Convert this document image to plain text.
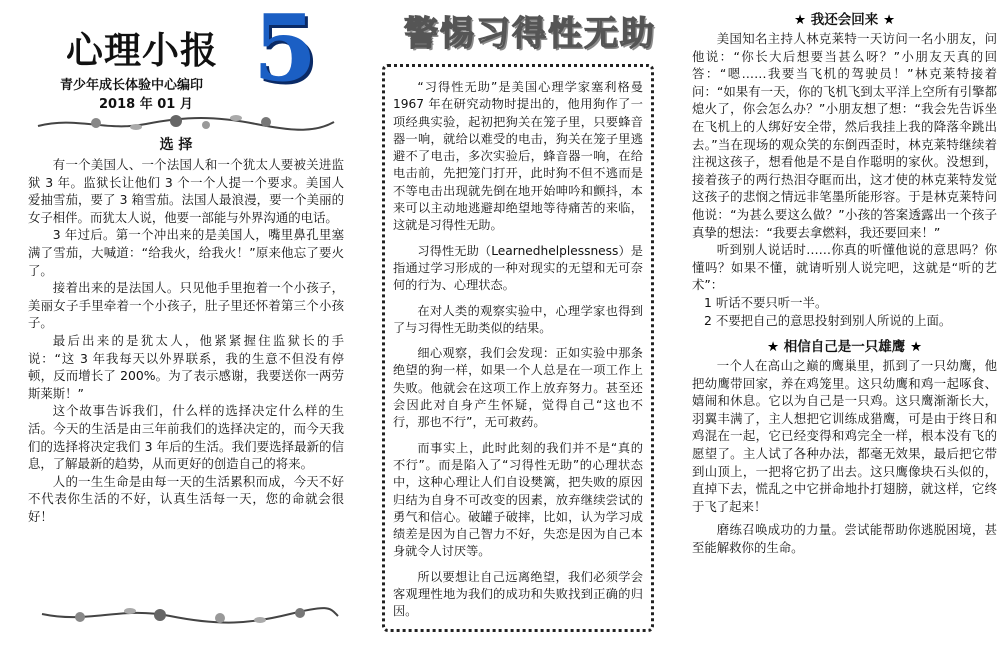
心理小报 5
青少年成长体验中心编印
2018 年 01 月
选 择

有一个美国人、一个法国人和一个犹太人要被关进监狱 3 年。监狱长让他们 3 个一个人提一个要求。美国人爱抽雪茄，要了 3 箱雪茄。法国人最浪漫，要一个美丽的女子相伴。而犹太人说，他要一部能与外界沟通的电话。

3 年过后。第一个冲出来的是美国人，嘴里鼻孔里塞满了雪茄，大喊道：“给我火，给我火！”原来他忘了要火了。

接着出来的是法国人。只见他手里抱着一个小孩子，美丽女子手里牵着一个小孩子，肚子里还怀着第三个小孩子。

最后出来的是犹太人，他紧紧握住监狱长的手说：“这 3 年我每天以外界联系，我的生意不但没有停顿，反而增长了 200%。为了表示感谢，我要送你一两劳斯莱斯！”

这个故事告诉我们，什么样的选择决定什么样的生活。今天的生活是由三年前我们的选择决定的，而今天我们的选择将决定我们 3 年后的生活。我们要选择最新的信息，了解最新的趋势，从而更好的创造自己的将来。

人的一生生命是由每一天的生活累积而成，今天不好不代表你生活的不好，认真生活每一天，您的命就会很好！

警惕习得性无助

“习得性无助”是美国心理学家塞利格曼 1967 年在研究动物时提出的，他用狗作了一项经典实验，起初把狗关在笼子里，只要蜂音器一响，就给以难受的电击，狗关在笼子里逃避不了电击，多次实验后，蜂音器一响，在给电击前，先把笼门打开，此时狗不但不逃而是不等电击出现就先倒在地开始呻吟和颤抖，本来可以主动地逃避却绝望地等待痛苦的来临，这就是习得性无助。

习得性无助（Learnedhelplessness）是指通过学习形成的一种对现实的无望和无可奈何的行为、心理状态。

在对人类的观察实验中，心理学家也得到了与习得性无助类似的结果。

细心观察，我们会发现：正如实验中那条绝望的狗一样，如果一个人总是在一项工作上失败。他就会在这项工作上放弃努力。甚至还会因此对自身产生怀疑，觉得自己“这也不行，那也不行”，无可救药。

而事实上，此时此刻的我们并不是“真的不行”。而是陷入了“习得性无助”的心理状态中，这种心理让人们自设樊篱，把失败的原因归结为自身不可改变的因素，放弃继续尝试的勇气和信心。破罐子破摔，比如，认为学习成绩差是因为自己智力不好，失恋是因为自己本身就令人讨厌等。

所以要想让自己远离绝望，我们必须学会客观理性地为我们的成功和失败找到正确的归因。

★ 我还会回来 ★

美国知名主持人林克莱特一天访问一名小朋友，问他说：“你长大后想要当甚么呀？”小朋友天真的回答：“嗯……我要当飞机的驾驶员！”林克莱特接着问：“如果有一天，你的飞机飞到太平洋上空所有引擎都熄火了，你会怎么办？”小朋友想了想：“我会先告诉坐在飞机上的人绑好安全带，然后我挂上我的降落伞跳出去。”当在现场的观众笑的东倒西歪时，林克莱特继续着注视这孩子，想看他是不是自作聪明的家伙。没想到，接着孩子的两行热泪夺眶而出，这才使的林克莱特发觉这孩子的悲悯之情远非笔墨所能形容。于是林克莱特问他说：“为甚么要这么做？”小孩的答案透露出一个孩子真挚的想法：“我要去拿燃料，我还要回来！”

听到别人说话时……你真的听懂他说的意思吗？你懂吗？如果不懂，就请听别人说完吧，这就是“听的艺术”：

1 听话不要只听一半。

2 不要把自己的意思投射到别人所说的上面。

★ 相信自己是一只雄鹰 ★

一个人在高山之巅的鹰巢里，抓到了一只幼鹰，他把幼鹰带回家，养在鸡笼里。这只幼鹰和鸡一起啄食、嬉闹和休息。它以为自己是一只鸡。这只鹰渐渐长大，羽翼丰满了，主人想把它训练成猎鹰，可是由于终日和鸡混在一起，它已经变得和鸡完全一样，根本没有飞的愿望了。主人试了各种办法，都毫无效果，最后把它带到山顶上，一把将它扔了出去。这只鹰像块石头似的，直掉下去，慌乱之中它拼命地扑打翅膀，就这样，它终于飞了起来！

磨练召唤成功的力量。尝试能帮助你逃脱困境，甚至能解救你的生命。
